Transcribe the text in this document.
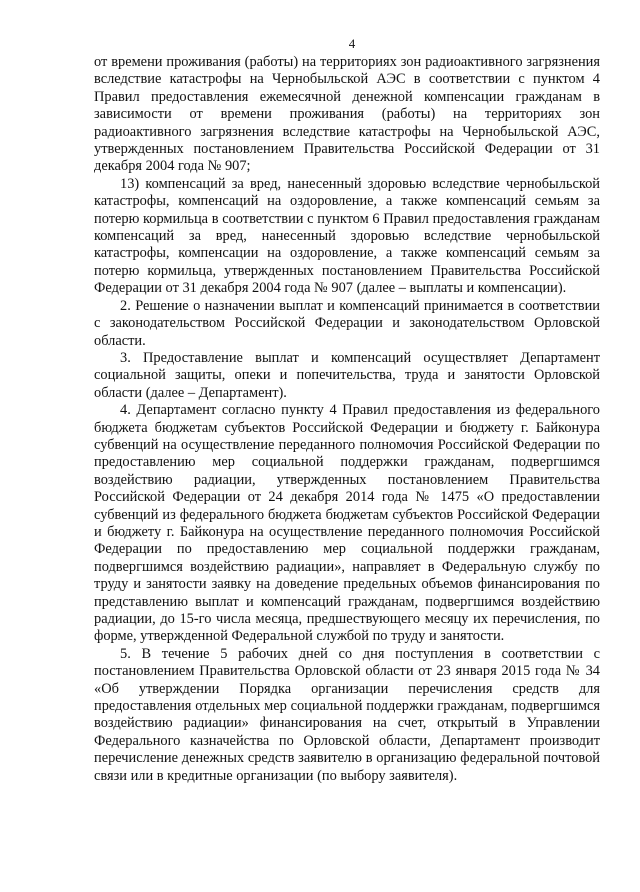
4

от времени проживания (работы) на территориях зон радиоактивного загрязнения вследствие катастрофы на Чернобыльской АЭС в соответствии с пунктом 4 Правил предоставления ежемесячной денежной компенсации гражданам в зависимости от времени проживания (работы) на территориях зон радиоактивного загрязнения вследствие катастрофы на Чернобыльской АЭС, утвержденных постановлением Правительства Российской Федерации от 31 декабря 2004 года № 907;

13) компенсаций за вред, нанесенный здоровью вследствие чернобыльской катастрофы, компенсаций на оздоровление, а также компенсаций семьям за потерю кормильца в соответствии с пунктом 6 Правил предоставления гражданам компенсаций за вред, нанесенный здоровью вследствие чернобыльской катастрофы, компенсации на оздоровление, а также компенсаций семьям за потерю кормильца, утвержденных постановлением Правительства Российской Федерации от 31 декабря 2004 года № 907 (далее – выплаты и компенсации).

2. Решение о назначении выплат и компенсаций принимается в соответствии с законодательством Российской Федерации и законодательством Орловской области.

3. Предоставление выплат и компенсаций осуществляет Департамент социальной защиты, опеки и попечительства, труда и занятости Орловской области (далее – Департамент).

4. Департамент согласно пункту 4 Правил предоставления из федерального бюджета бюджетам субъектов Российской Федерации и бюджету г. Байконура субвенций на осуществление переданного полномочия Российской Федерации по предоставлению мер социальной поддержки гражданам, подвергшимся воздействию радиации, утвержденных постановлением Правительства Российской Федерации от 24 декабря 2014 года № 1475 «О предоставлении субвенций из федерального бюджета бюджетам субъектов Российской Федерации и бюджету г. Байконура на осуществление переданного полномочия Российской Федерации по предоставлению мер социальной поддержки гражданам, подвергшимся воздействию радиации», направляет в Федеральную службу по труду и занятости заявку на доведение предельных объемов финансирования по представлению выплат и компенсаций гражданам, подвергшимся воздействию радиации, до 15-го числа месяца, предшествующего месяцу их перечисления, по форме, утвержденной Федеральной службой по труду и занятости.

5. В течение 5 рабочих дней со дня поступления в соответствии с постановлением Правительства Орловской области от 23 января 2015 года № 34 «Об утверждении Порядка организации перечисления средств для предоставления отдельных мер социальной поддержки гражданам, подвергшимся воздействию радиации» финансирования на счет, открытый в Управлении Федерального казначейства по Орловской области, Департамент производит перечисление денежных средств заявителю в организацию федеральной почтовой связи или в кредитные организации (по выбору заявителя).
